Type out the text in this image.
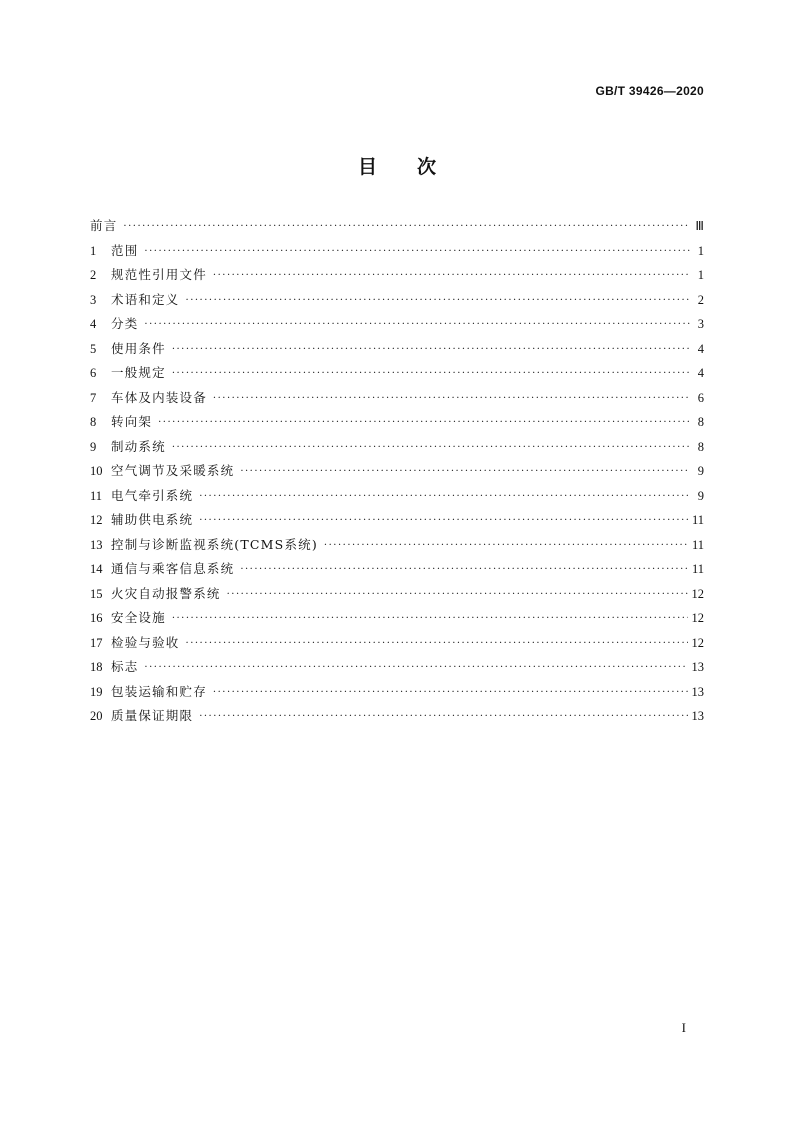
GB/T 39426—2020
目次
前言 ·····	Ⅲ
1	范围 ·····	1
2	规范性引用文件 ·····	1
3	术语和定义 ·····	2
4	分类 ·····	3
5	使用条件 ·····	4
6	一般规定 ·····	4
7	车体及内装设备 ·····	6
8	转向架 ·····	8
9	制动系统 ·····	8
10 空气调节及采暖系统 ·····	9
11 电气牵引系统 ·····	9
12 辅助供电系统 ·····	11
13 控制与诊断监视系统(TCMS系统) ·····	11
14 通信与乘客信息系统 ·····	11
15 火灾自动报警系统 ·····	12
16 安全设施 ·····	12
17 检验与验收 ·····	12
18 标志 ·····	13
19 包装运输和贮存 ·····	13
20 质量保证期限 ·····	13
I
